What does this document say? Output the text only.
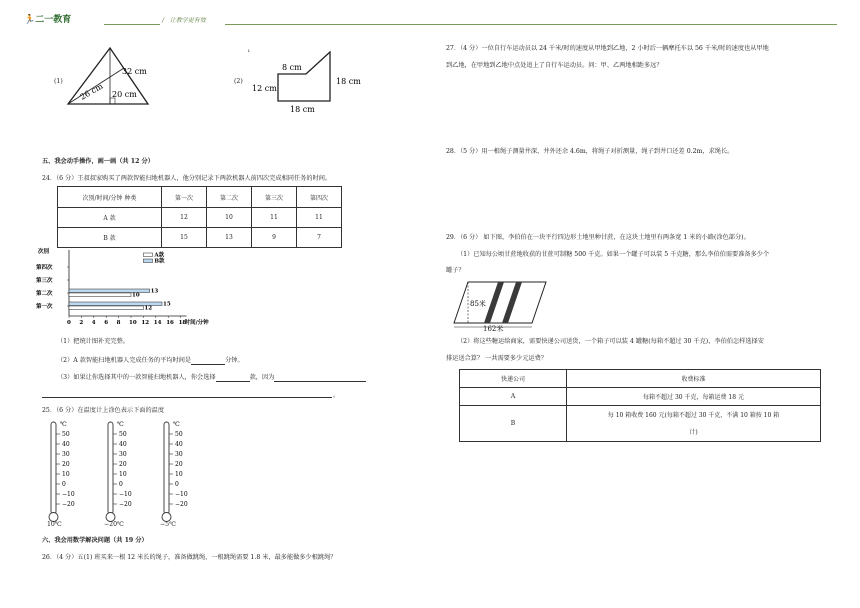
🏃二一教育	/   让教学更有效
(1)
32 cm
26 cm 20 cm
(2)
ı
8 cm
12 cm
18 cm
18 cm
五、我会动手操作，画一画（共 12 分）
24．（6 分）王叔叔家购买了两款智能扫地机器人，他分别记录下两款机器人前四次完成相同任务的时间。
次别/时间/分钟 种类	第一次	第二次	第三次	第四次
A 款	12	10	11	11
B 款	15	13	9	7
次别
时间/分钟
0 2 4 6 8 10 12 14 16 18
第一次
第二次
第三次
第四次
12
10
15
13
A款
B款
（1）把统计图补充完整。
（2）A 款智能扫地机器人完成任务的平均时间是	分钟。
（3）如果让你选择其中的一款智能扫地机器人，你会选择	款，因为
。
25．（6 分）在温度计上涂色表示下面的温度
℃
50
40
30
20
10
0
−10
−20
10℃
℃
50
40
30
20
10
0
−10
−20
−20℃
℃
50
40
30
20
10
0
−10
−20
−5℃
六、我会用数学解决问题（共 19 分）
26．（4 分）五(1) 班买来一根 12 米长的绳子，准备做跳绳，一根跳绳需要 1.8 米，最多能做多少根跳绳？
27．（4 分）一位自行车运动员以 24 千米/时的速度从甲地到乙地，2 小时后一辆摩托车以 56 千米/时的速度也从甲地
到乙地，在甲地到乙地中点处追上了自行车运动员。问：甲、乙两地相距多远？
28．（5 分）用一根绳子测量井深，井外还余 4.6m，将绳子对折测量，绳子到井口还差 0.2m，求绳长。
29．（6 分） 如下图，李伯伯在一块平行四边形土地里种甘蔗，在这块土地里有两条宽 1 米的小路(涂色部分)。
（1）已知每公顷甘蔗地收获的甘蔗可制糖 500 千克。如果一个罐子可以装 5 千克糖，那么李伯伯需要准备多少个
罐子？
85米
162米
（2）将这些糖运给商家，需要快递公司送货，一个箱子可以装 4 罐糖(每箱不超过 30 千克)，李伯伯怎样选择安
排运送合算？ 一共需要多少元运费？
快递公司	收费标准
A	每箱不超过 30 千克，每箱运费 18 元
B	每 10 箱收费 160 元(每箱不超过 30 千克，不满 10 箱按 10 箱
计)
